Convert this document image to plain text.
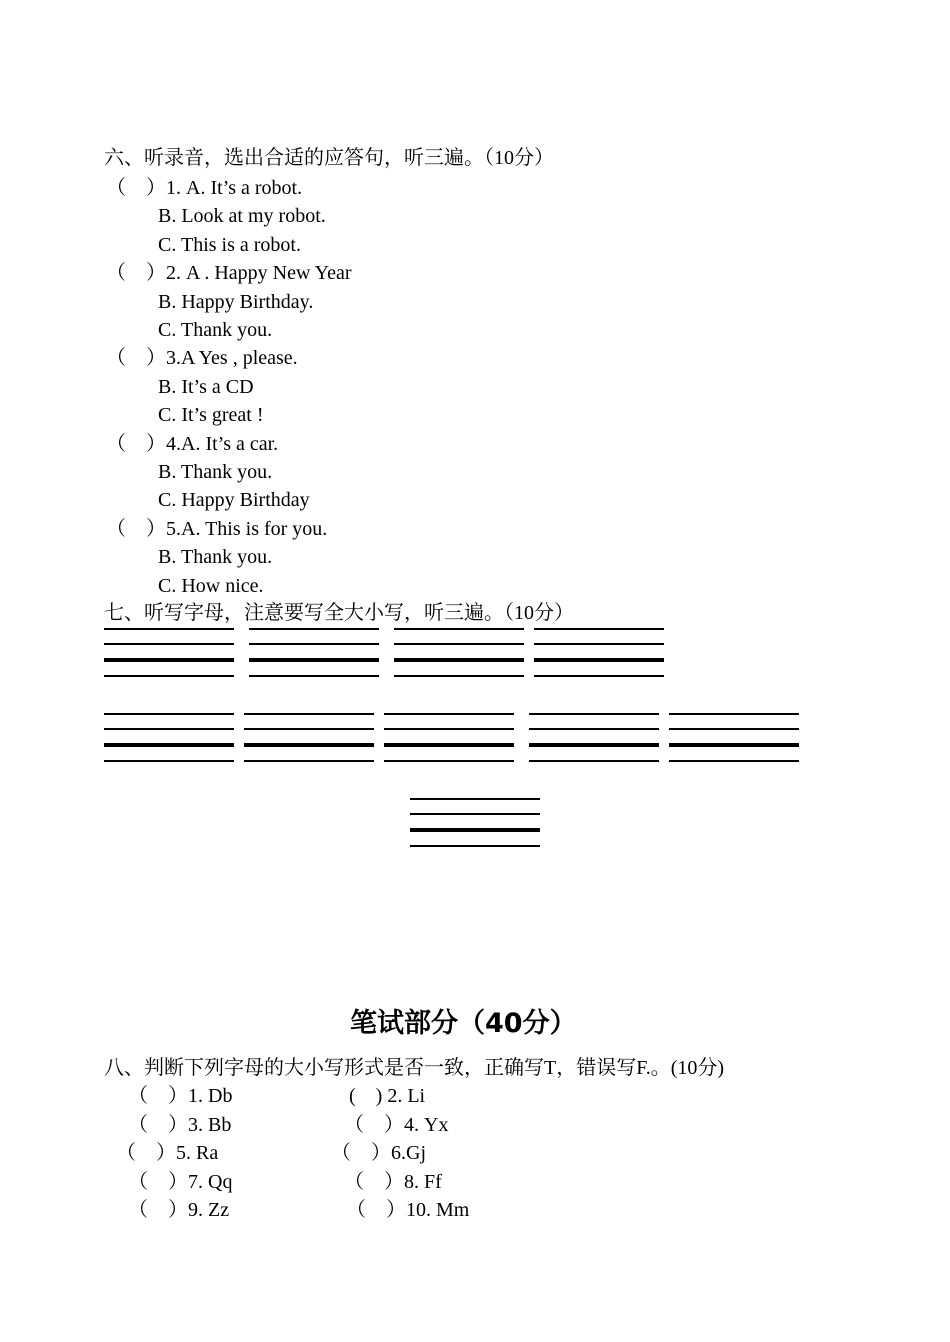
六、听录音，选出合适的应答句，听三遍。（10分）
（　）1. A. It’s a robot.
B. Look at my robot.
C. This is a robot.
（　）2. A . Happy New Year
B. Happy Birthday.
C. Thank you.
（　）3.A Yes , please.
B. It’s a CD
C. It’s great !
（　）4.A. It’s a car.
B. Thank you.
C. Happy Birthday
（　）5.A. This is for you.
B. Thank you.
C. How nice.
七、听写字母，注意要写全大小写，听三遍。（10分）
笔试部分（40分）
八、判断下列字母的大小写形式是否一致，正确写T，错误写F.。(10分)
（　）1. Db	(　) 2. Li
（　）3. Bb	（　）4. Yx
（　）5. Ra	（　）6.Gj
（　）7. Qq	（　）8. Ff
（　）9. Zz	（　）10. Mm
